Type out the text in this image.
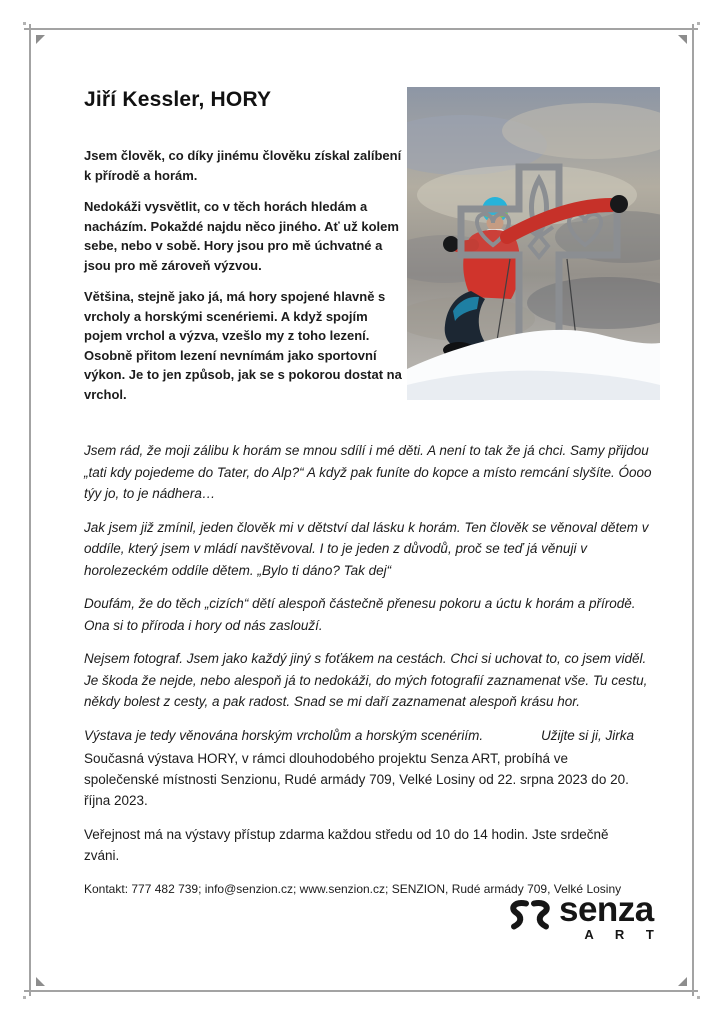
Jiří Kessler, HORY

Jsem člověk, co díky jinému člověku získal zalíbení k přírodě a horám.

Nedokáži vysvětlit, co v těch horách hledám a nacházím. Pokaždé najdu něco jiného. Ať už kolem sebe, nebo v sobě. Hory jsou pro mě úchvatné a jsou pro mě zároveň výzvou.

Většina, stejně jako já, má hory spojené hlavně s vrcholy a horskými scenériemi. A když spojím pojem vrchol a výzva, vzešlo my z toho lezení. Osobně přitom lezení nevnímám jako sportovní výkon. Je to jen způsob, jak se s pokorou dostat na vrchol.

Jsem rád, že moji zálibu k horám se mnou sdílí i mé děti. A není to tak že já chci. Samy přijdou „tati kdy pojedeme do Tater, do Alp?“ A když pak funíte do kopce a místo remcání slyšíte. Óooo týy jo, to je nádhera…

Jak jsem již zmínil, jeden člověk mi v dětství dal lásku k horám. Ten člověk se věnoval dětem v oddíle, který jsem v mládí navštěvoval. I to je jeden z důvodů, proč se teď já věnuji v horolezeckém oddíle dětem. „Bylo ti dáno? Tak dej“

Doufám, že do těch „cizích“ dětí alespoň částečně přenesu pokoru a úctu k horám a přírodě. Ona si to příroda i hory od nás zaslouží.

Nejsem fotograf. Jsem jako každý jiný s foťákem na cestách. Chci si uchovat to, co jsem viděl. Je škoda že nejde, nebo alespoň já to nedokáži, do mých fotografií zaznamenat vše. Tu cestu, někdy bolest z cesty, a pak radost. Snad se mi daří zaznamenat alespoň krásu hor.

Výstava je tedy věnována horským vrcholům a horským scenériím.	Užijte si ji, Jirka

Současná výstava HORY, v rámci dlouhodobého projektu Senza ART, probíhá ve společenské místnosti Senzionu, Rudé armády 709, Velké Losiny od 22. srpna 2023 do 20. října 2023.

Veřejnost má na výstavy přístup zdarma každou středu od 10 do 14 hodin. Jste srdečně zváni.

Kontakt: 777 482 739; info@senzion.cz; www.senzion.cz; SENZION, Rudé armády 709, Velké Losiny

senza
A R T
